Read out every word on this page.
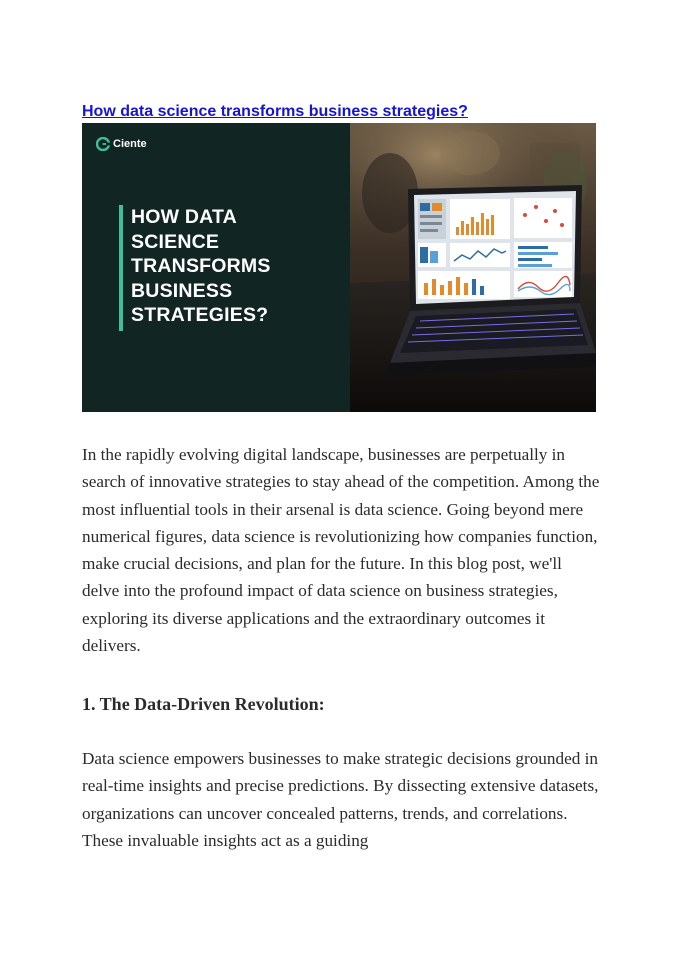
How data science transforms business strategies?
Ciente
HOW DATA
SCIENCE
TRANSFORMS
BUSINESS
STRATEGIES?

In the rapidly evolving digital landscape, businesses are perpetually in search of innovative strategies to stay ahead of the competition. Among the most influential tools in their arsenal is data science. Going beyond mere numerical figures, data science is revolutionizing how companies function, make crucial decisions, and plan for the future. In this blog post, we'll delve into the profound impact of data science on business strategies, exploring its diverse applications and the extraordinary outcomes it delivers.

1. The Data-Driven Revolution:

Data science empowers businesses to make strategic decisions grounded in real-time insights and precise predictions. By dissecting extensive datasets, organizations can uncover concealed patterns, trends, and correlations. These invaluable insights act as a guiding
